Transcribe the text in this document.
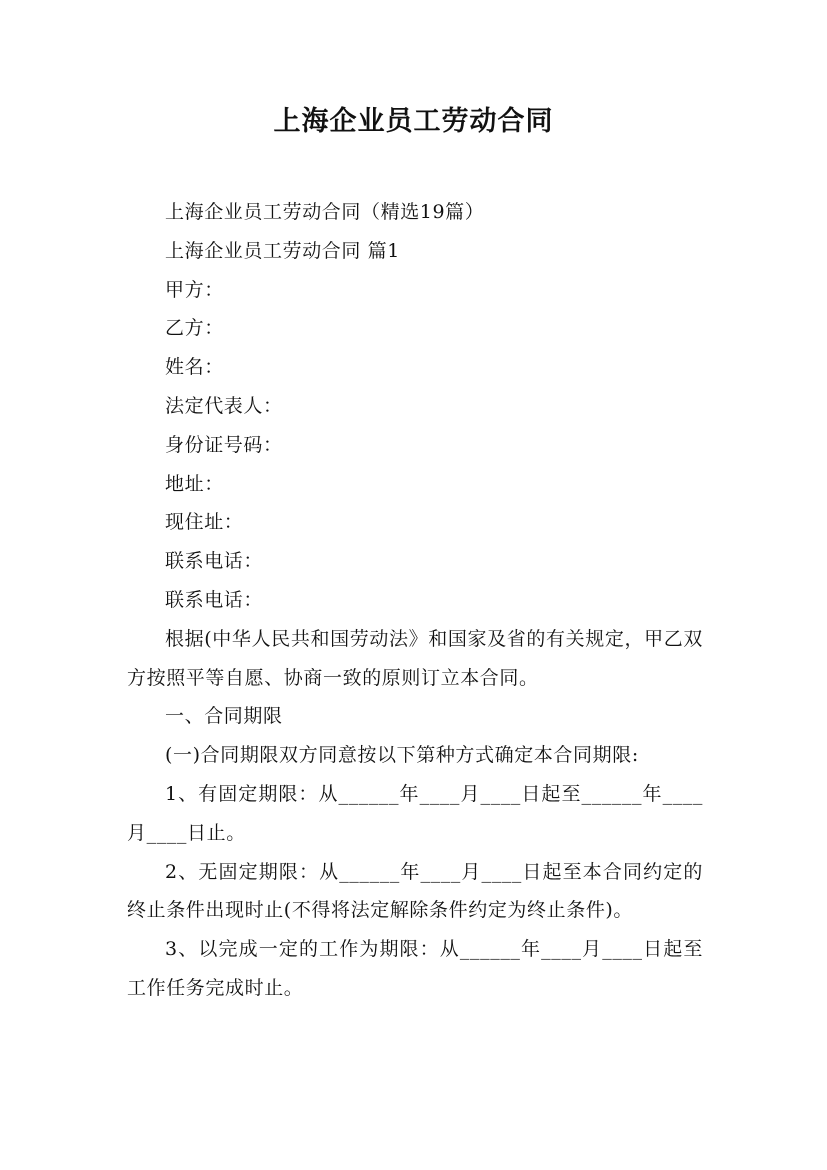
上海企业员工劳动合同

上海企业员工劳动合同（精选19篇）

上海企业员工劳动合同 篇1

甲方：

乙方：

姓名：

法定代表人：

身份证号码：

地址：

现住址：

联系电话：

联系电话：

根据(中华人民共和国劳动法》和国家及省的有关规定，甲乙双方按照平等自愿、协商一致的原则订立本合同。

一、合同期限

(一)合同期限双方同意按以下第种方式确定本合同期限:

1、有固定期限：从______年____月____日起至______年____月____日止。

2、无固定期限：从______年____月____日起至本合同约定的终止条件出现时止(不得将法定解除条件约定为终止条件)。

3、以完成一定的工作为期限：从______年____月____日起至工作任务完成时止。
